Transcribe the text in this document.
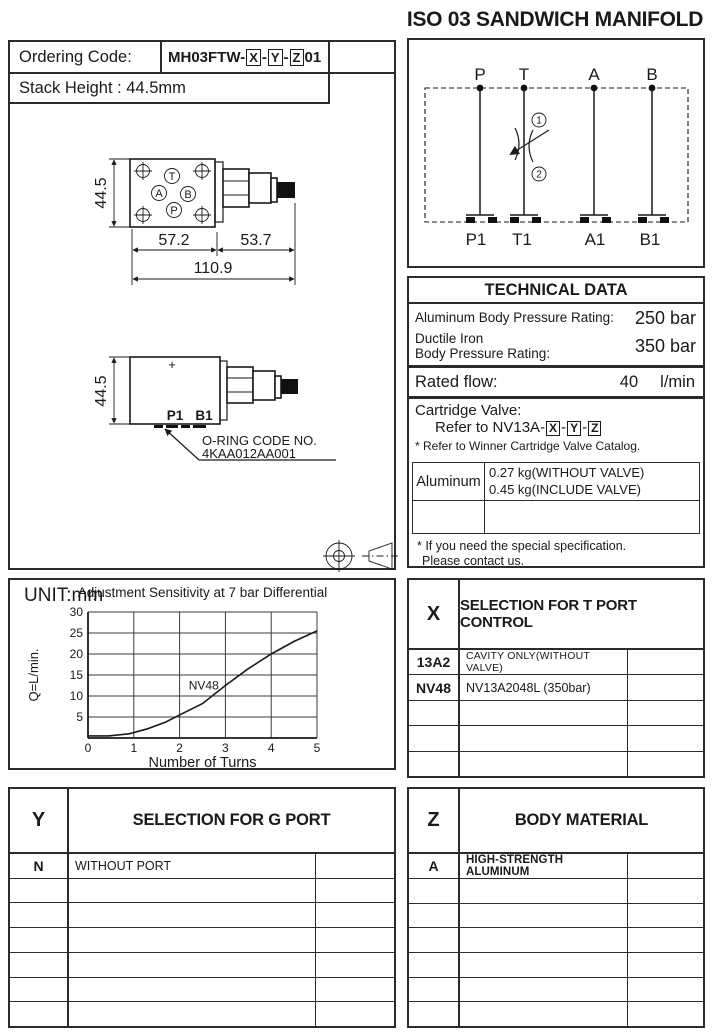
ISO 03 SANDWICH MANIFOLD
Ordering Code:	MH03FTW- X - Y - Z 01
Stack Height : 44.5mm
UNIT:mm
44.5
T
A B
P
57.2	53.7
110.9
44.5
+
P1 B1
O-RING CODE NO.
4KAA012AA001
1
2
P T	A	B
P1 T1	A1 B1
TECHNICAL DATA
Aluminum Body Pressure Rating: 250 bar
Ductile Iron
Body Pressure Rating:	350 bar
Rated flow:	40 l/min
Cartridge Valve:
Refer to NV13A- X - Y - Z
* Refer to Winner Cartridge Valve Catalog.
Aluminum
0.27 kg(WITHOUT VALVE)
0.45 kg(INCLUDE VALVE)
* If you need the special specification.
Please contact us.
0	1	2	3	4	5
5
10
15
20
25
30
NV48
Adjustment Sensitivity at 7 bar Differential
Number of Turns
Q=L/min.
X	SELECTION FOR T PORT CONTROL
13A2	CAVITY ONLY(WITHOUT VALVE)
NV48	NV13A2048L (350bar)
Y	SELECTION FOR G PORT
N	WITHOUT PORT
Z	BODY MATERIAL
A	HIGH-STRENGTH ALUMINUM
